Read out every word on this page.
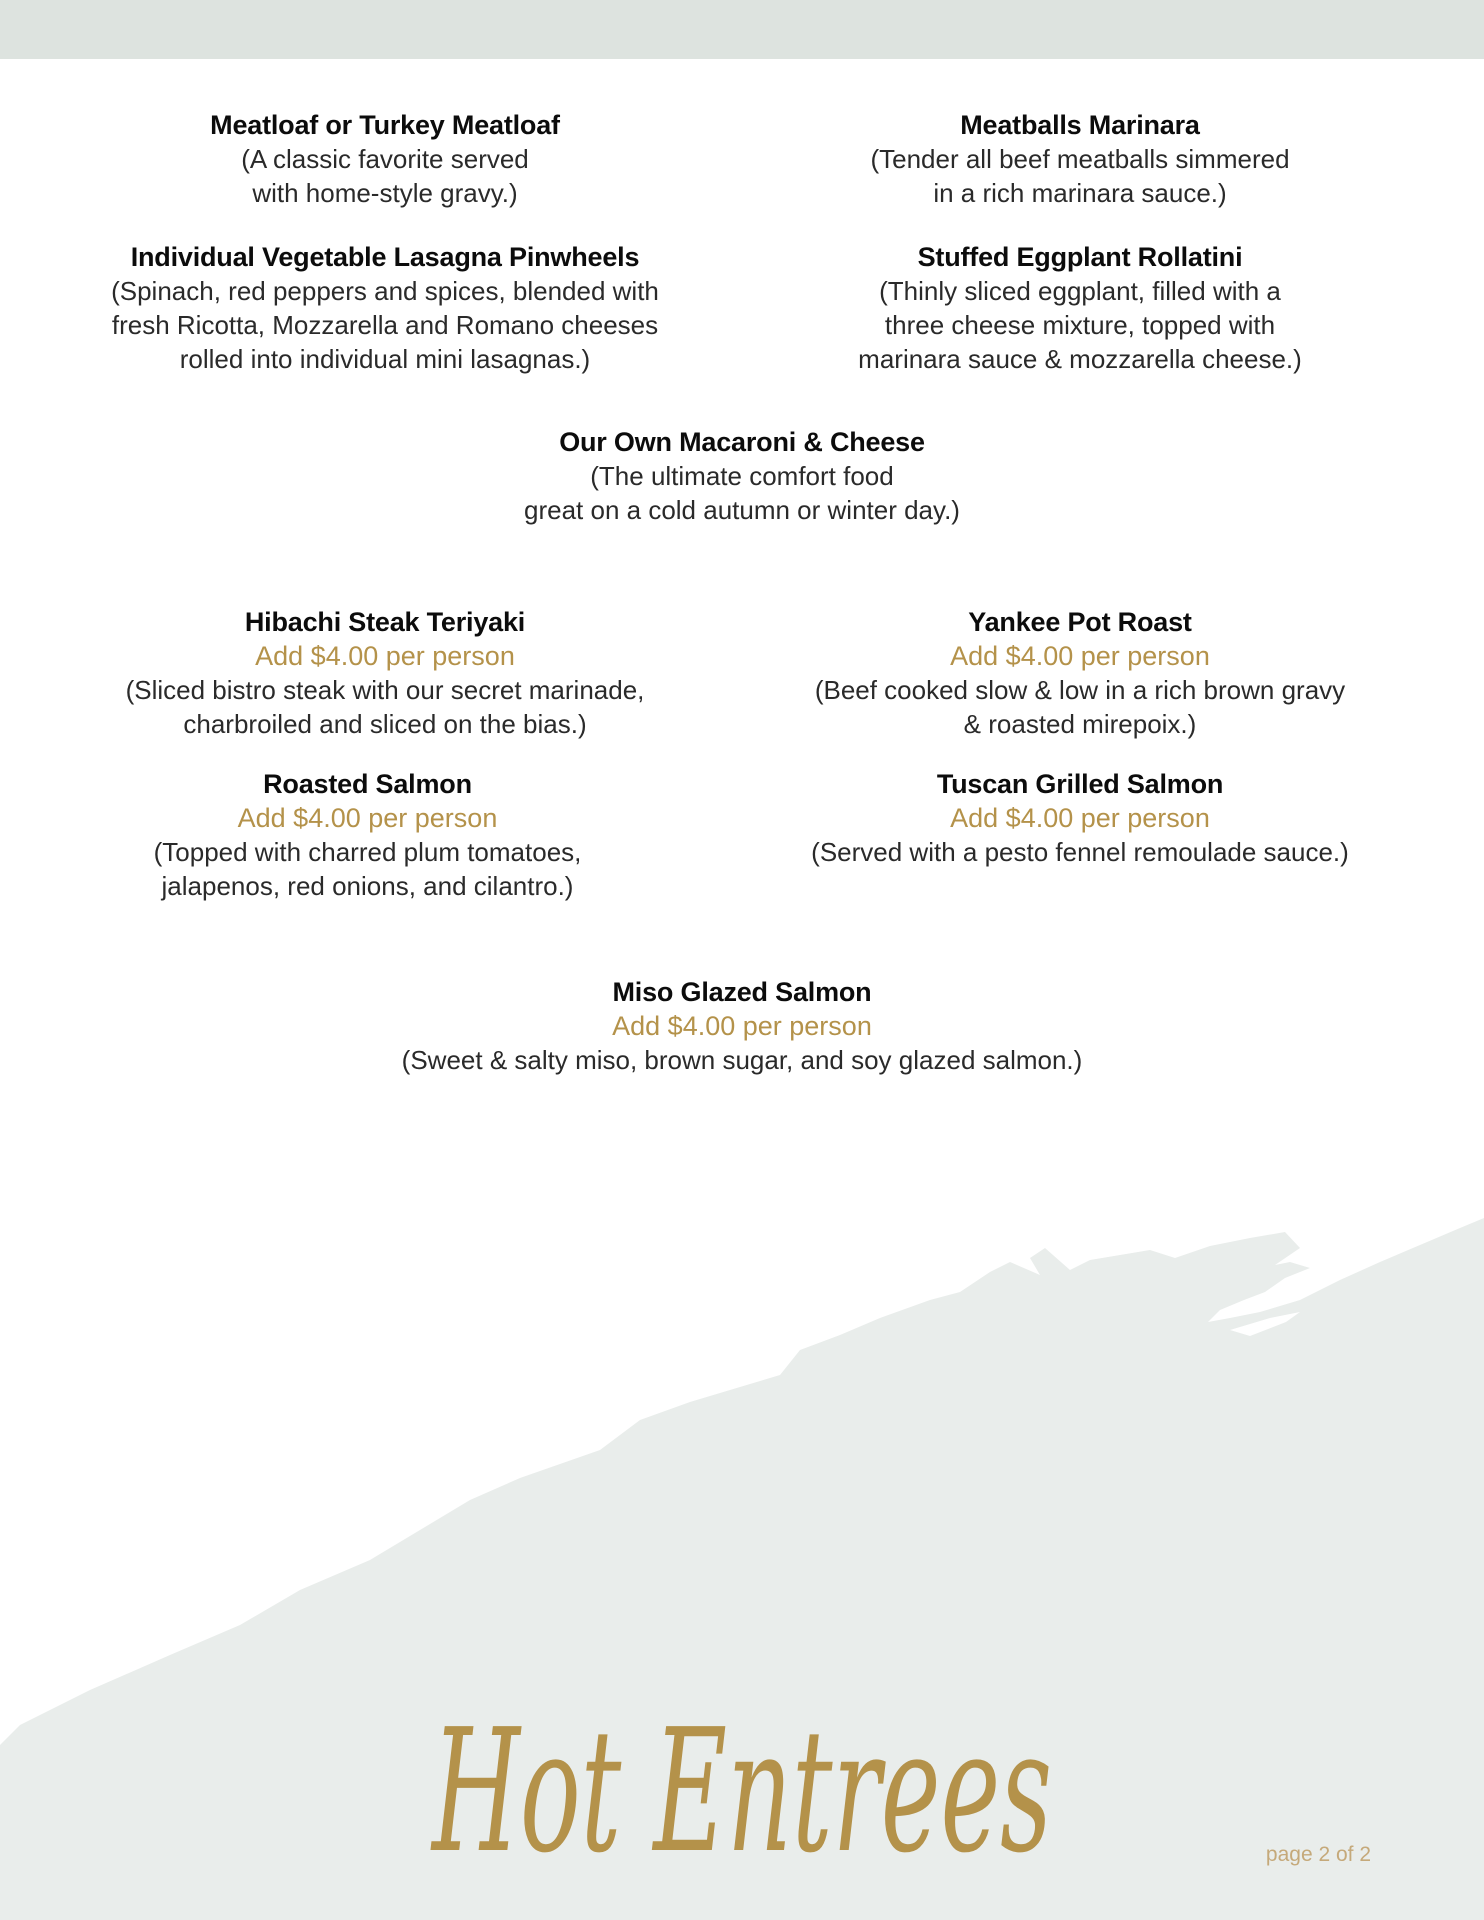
Meatloaf or Turkey Meatloaf
(A classic favorite served
with home-style gravy.)
Meatballs Marinara
(Tender all beef meatballs simmered
in a rich marinara sauce.)
Individual Vegetable Lasagna Pinwheels
(Spinach, red peppers and spices, blended with
fresh Ricotta, Mozzarella and Romano cheeses
rolled into individual mini lasagnas.)
Stuffed Eggplant Rollatini
(Thinly sliced eggplant, filled with a
three cheese mixture, topped with
marinara sauce & mozzarella cheese.)
Our Own Macaroni & Cheese
(The ultimate comfort food
great on a cold autumn or winter day.)
Hibachi Steak Teriyaki
Add $4.00 per person
(Sliced bistro steak with our secret marinade,
charbroiled and sliced on the bias.)
Yankee Pot Roast
Add $4.00 per person
(Beef cooked slow & low in a rich brown gravy
& roasted mirepoix.)
Roasted Salmon
Add $4.00 per person
(Topped with charred plum tomatoes,
jalapenos, red onions, and cilantro.)
Tuscan Grilled Salmon
Add $4.00 per person
(Served with a pesto fennel remoulade sauce.)
Miso Glazed Salmon
Add $4.00 per person
(Sweet & salty miso, brown sugar, and soy glazed salmon.)
Hot Entrees	page 2 of 2
